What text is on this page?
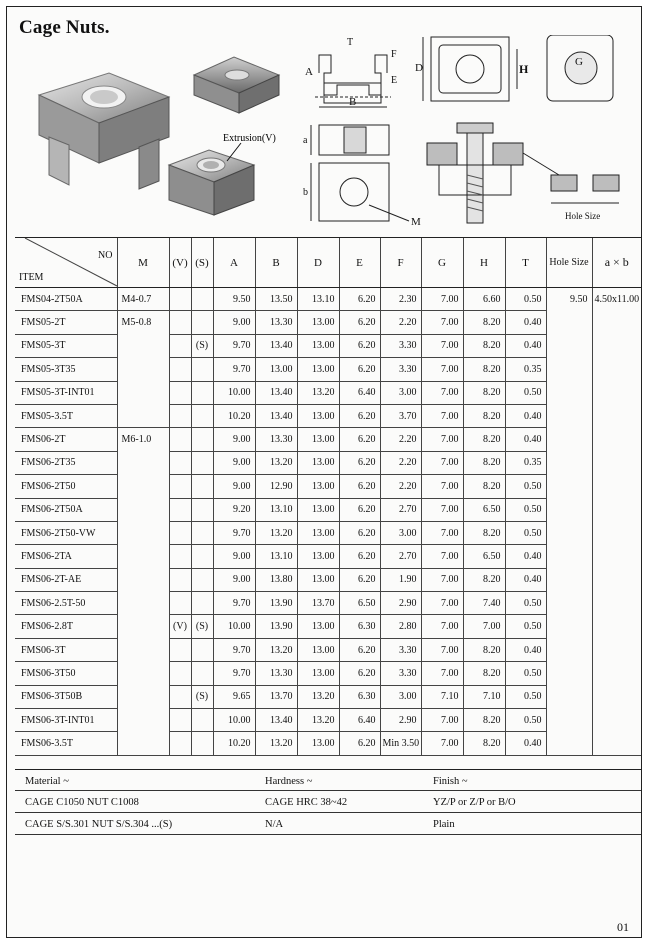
Cage Nuts.
Extrusion(V)
A
T
F
E
B
D	H	G
a
b
M	Hole Size
NO
ITEM	M	(V)	(S)	A	B	D	E	F	G	H	T	Hole Size	a × b
FMS04-2T50A	M4-0.7			9.50	13.50	13.10	6.20	2.30	7.00	6.60	0.50	9.50	4.50x11.00
FMS05-2T	M5-0.8			9.00	13.30	13.00	6.20	2.20	7.00	8.20	0.40		
FMS05-3T			(S)	9.70	13.40	13.00	6.20	3.30	7.00	8.20	0.40		
FMS05-3T35				9.70	13.00	13.00	6.20	3.30	7.00	8.20	0.35		
FMS05-3T-INT01				10.00	13.40	13.20	6.40	3.00	7.00	8.20	0.50		
FMS05-3.5T				10.20	13.40	13.00	6.20	3.70	7.00	8.20	0.40		
FMS06-2T	M6-1.0			9.00	13.30	13.00	6.20	2.20	7.00	8.20	0.40		
FMS06-2T35				9.00	13.20	13.00	6.20	2.20	7.00	8.20	0.35		
FMS06-2T50				9.00	12.90	13.00	6.20	2.20	7.00	8.20	0.50		
FMS06-2T50A				9.20	13.10	13.00	6.20	2.70	7.00	6.50	0.50		
FMS06-2T50-VW				9.70	13.20	13.00	6.20	3.00	7.00	8.20	0.50		
FMS06-2TA				9.00	13.10	13.00	6.20	2.70	7.00	6.50	0.40		
FMS06-2T-AE				9.00	13.80	13.00	6.20	1.90	7.00	8.20	0.40		
FMS06-2.5T-50				9.70	13.90	13.70	6.50	2.90	7.00	7.40	0.50		
FMS06-2.8T		(V)	(S)	10.00	13.90	13.00	6.30	2.80	7.00	7.00	0.50		
FMS06-3T				9.70	13.20	13.00	6.20	3.30	7.00	8.20	0.40		
FMS06-3T50				9.70	13.30	13.00	6.20	3.30	7.00	8.20	0.50		
FMS06-3T50B			(S)	9.65	13.70	13.20	6.30	3.00	7.10	7.10	0.50		
FMS06-3T-INT01				10.00	13.40	13.20	6.40	2.90	7.00	8.20	0.50		
FMS06-3.5T				10.20	13.20	13.00	6.20	Min 3.50	7.00	8.20	0.40		
Material ~	Hardness ~	Finish ~
CAGE C1050 NUT C1008	CAGE HRC 38~42	YZ/P or Z/P or B/O
CAGE S/S.301 NUT S/S.304 ...(S)	N/A	Plain
01
